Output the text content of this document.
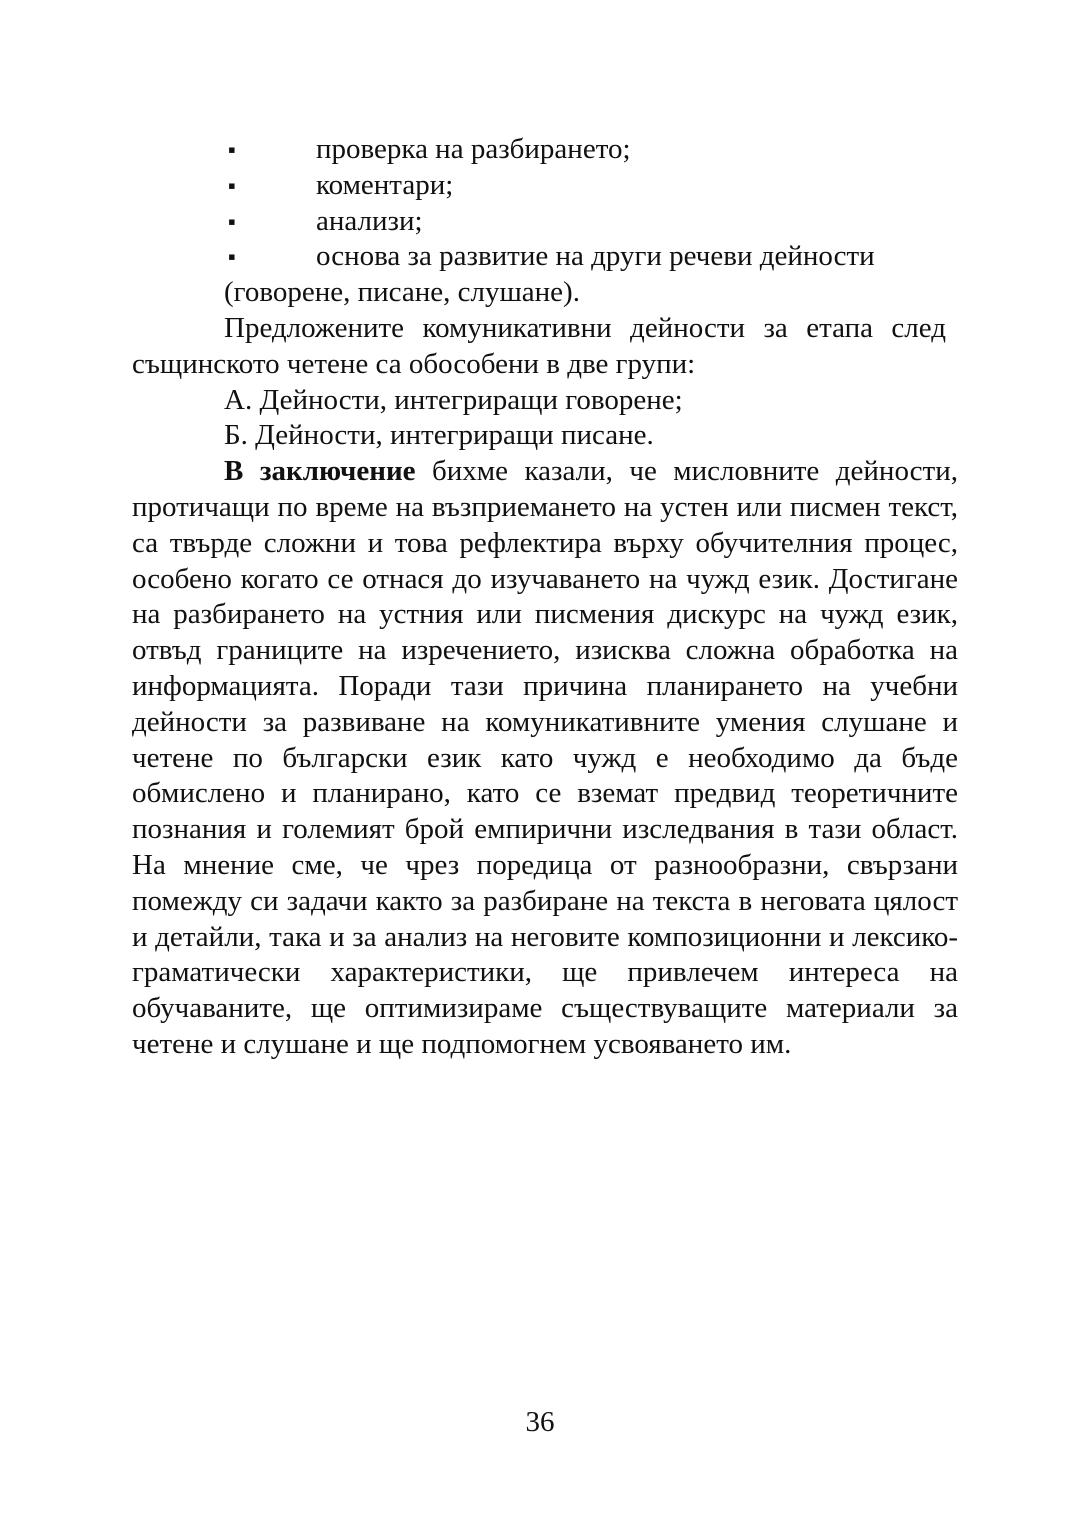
▪	проверка на разбирането;
▪	коментари;
▪	анализи;
▪	основа за развитие на други речеви дейности
(говорене, писане, слушане).

Предложените комуникативни дейности за етапа след същинското четене са обособени в две групи:

А. Дейности, интегриращи говорене;

Б. Дейности, интегриращи писане.

В заключение бихме казали, че мисловните дейности, протичащи по време на възприемането на устен или писмен текст, са твърде сложни и това рефлектира върху обучителния процес, особено когато се отнася до изучаването на чужд език. Достигане на разбирането на устния или писмения дискурс на чужд език, отвъд границите на изречението, изисква сложна обработка на информацията. Поради тази причина планирането на учебни дейности за развиване на комуникативните умения слушане и четене по български език като чужд е необходимо да бъде обмислено и планирано, като се вземат предвид теоретичните познания и големият брой емпирични изследвания в тази област. На мнение сме, че чрез поредица от разнообразни, свързани помежду си задачи както за разбиране на текста в неговата цялост и детайли, така и за анализ на неговите композиционни и лексико-граматически характеристики, ще привлечем интереса на обучаваните, ще оптимизираме съществуващите материали за четене и слушане и ще подпомогнем усвояването им.

36
